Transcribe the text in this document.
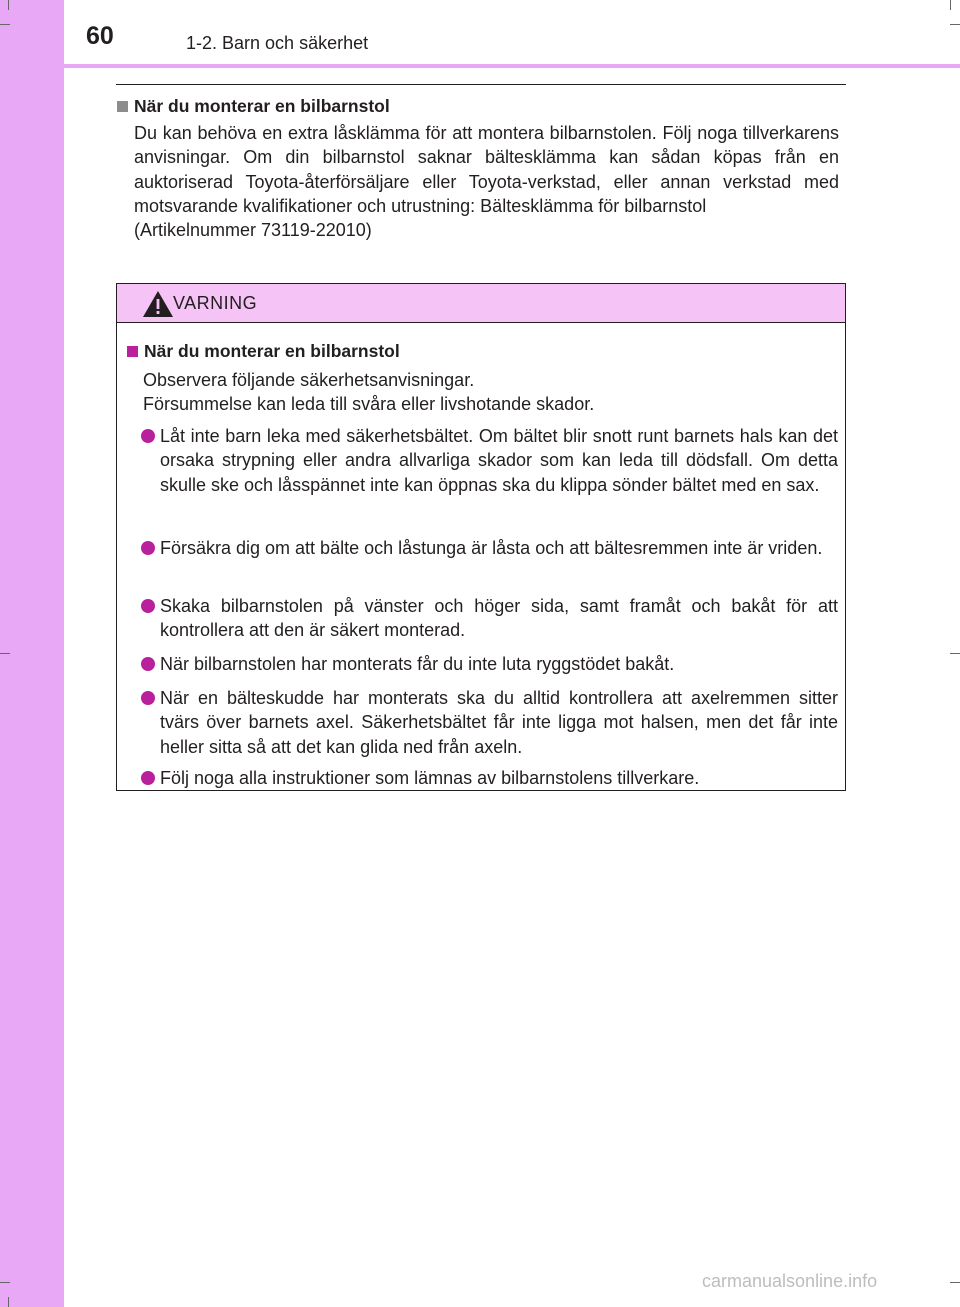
60	1-2. Barn och säkerhet
När du monterar en bilbarnstol

Du kan behöva en extra låsklämma för att montera bilbarnstolen. Följ noga tillverkarens anvisningar. Om din bilbarnstol saknar bältesklämma kan sådan köpas från en auktoriserad Toyota-återförsäljare eller Toyota-verkstad, eller annan verkstad med motsvarande kvalifikationer och utrustning: Bältesklämma för bilbarnstol

(Artikelnummer 73119-22010)

VARNING
När du monterar en bilbarnstol

Observera följande säkerhetsanvisningar.

Försummelse kan leda till svåra eller livshotande skador.

Låt inte barn leka med säkerhetsbältet. Om bältet blir snott runt barnets hals kan det orsaka strypning eller andra allvarliga skador som kan leda till dödsfall. Om detta skulle ske och låsspännet inte kan öppnas ska du klippa sönder bältet med en sax.
Försäkra dig om att bälte och låstunga är låsta och att bältesremmen inte är vriden.
Skaka bilbarnstolen på vänster och höger sida, samt framåt och bakåt för att kontrollera att den är säkert monterad.
När bilbarnstolen har monterats får du inte luta ryggstödet bakåt.
När en bälteskudde har monterats ska du alltid kontrollera att axelremmen sitter tvärs över barnets axel. Säkerhetsbältet får inte ligga mot halsen, men det får inte heller sitta så att det kan glida ned från axeln.
Följ noga alla instruktioner som lämnas av bilbarnstolens tillverkare.
carmanualsonline.info
